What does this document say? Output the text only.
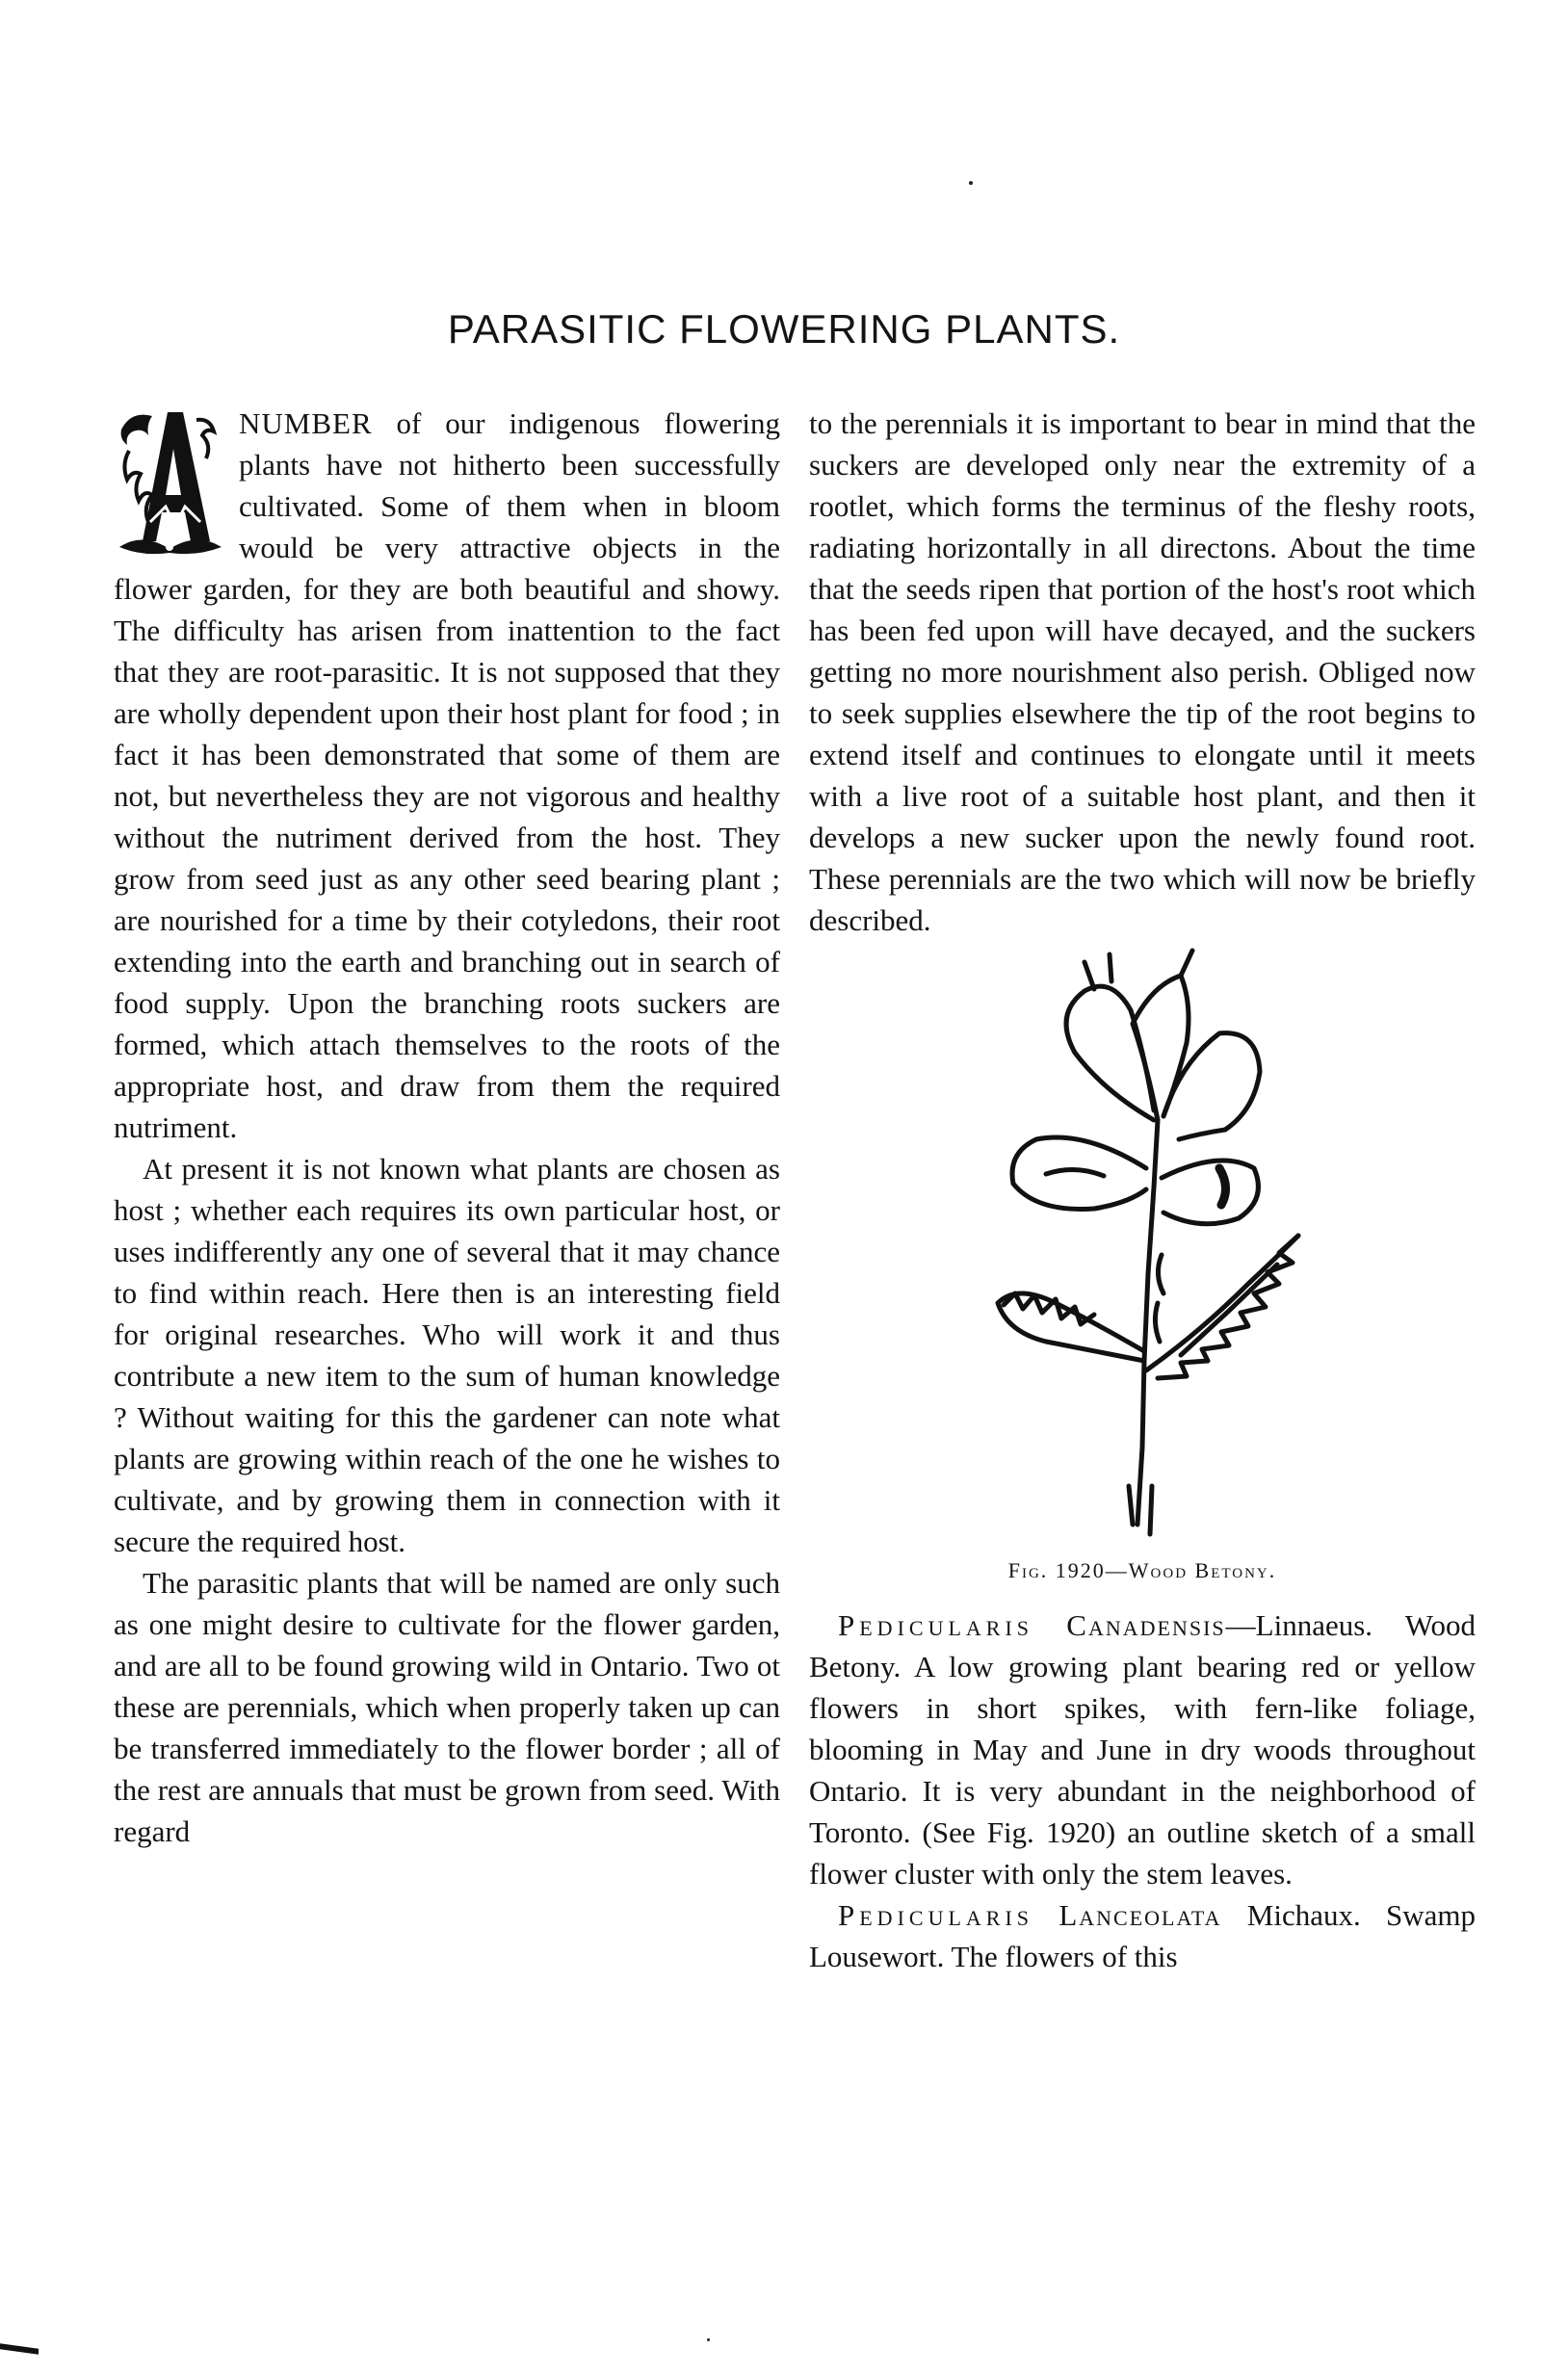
PARASITIC FLOWERING PLANTS.

NUMBER of our indigenous flowering plants have not hitherto been successfully cultivated. Some of them when in bloom would be very attractive objects in the flower garden, for they are both beautiful and showy. The difficulty has arisen from inattention to the fact that they are root-parasitic. It is not supposed that they are wholly dependent upon their host plant for food ; in fact it has been demonstrated that some of them are not, but nevertheless they are not vigorous and healthy without the nutriment derived from the host. They grow from seed just as any other seed bearing plant ; are nourished for a time by their cotyledons, their root extending into the earth and branching out in search of food supply. Upon the branching roots suckers are formed, which attach themselves to the roots of the appropriate host, and draw from them the required nutriment.

At present it is not known what plants are chosen as host ; whether each requires its own particular host, or uses indifferently any one of several that it may chance to find within reach. Here then is an interesting field for original researches. Who will work it and thus contribute a new item to the sum of human knowledge ? Without waiting for this the gardener can note what plants are growing within reach of the one he wishes to cultivate, and by growing them in connection with it secure the required host.

The parasitic plants that will be named are only such as one might desire to cultivate for the flower garden, and are all to be found growing wild in Ontario. Two ot these are perennials, which when properly taken up can be transferred immediately to the flower border ; all of the rest are annuals that must be grown from seed. With regard

to the perennials it is important to bear in mind that the suckers are developed only near the extremity of a rootlet, which forms the terminus of the fleshy roots, radiating horizontally in all directons. About the time that the seeds ripen that portion of the host's root which has been fed upon will have decayed, and the suckers getting no more nourishment also perish. Obliged now to seek supplies elsewhere the tip of the root begins to extend itself and continues to elongate until it meets with a live root of a suitable host plant, and then it develops a new sucker upon the newly found root. These perennials are the two which will now be briefly described.

Fig. 1920—Wood Betony.

Pedicularis Canadensis—Linnaeus. Wood Betony. A low growing plant bearing red or yellow flowers in short spikes, with fern-like foliage, blooming in May and June in dry woods throughout Ontario. It is very abundant in the neighborhood of Toronto. (See Fig. 1920) an outline sketch of a small flower cluster with only the stem leaves.

Pedicularis Lanceolata Michaux. Swamp Lousewort. The flowers of this
